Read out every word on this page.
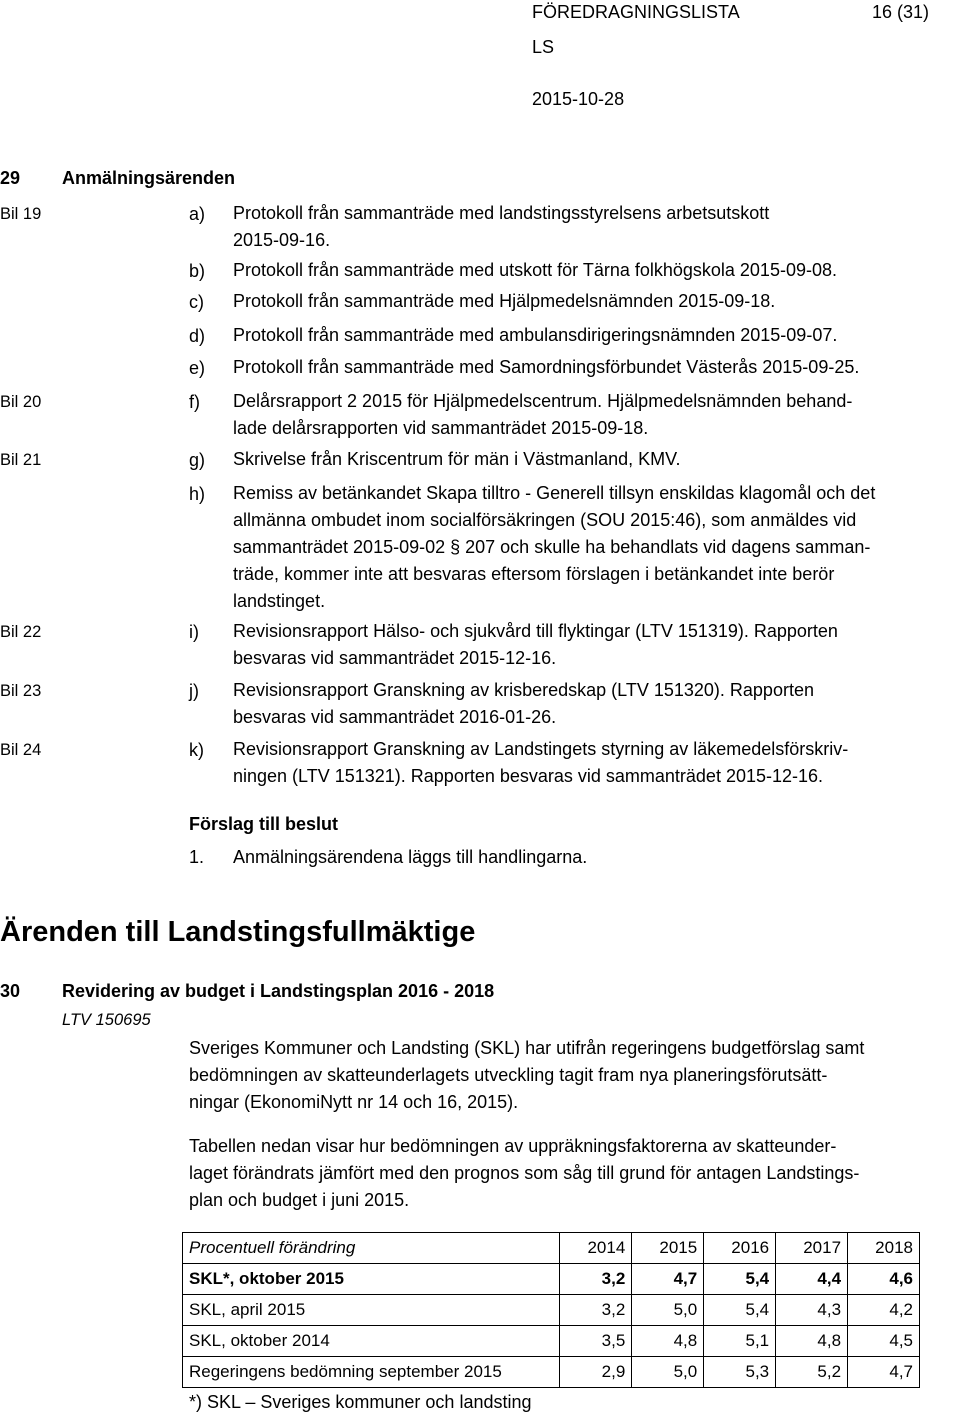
FÖREDRAGNINGSLISTA	16 (31)
LS
2015-10-28
29 Anmälningsärenden
Bil 19	a) Protokoll från sammanträde med landstingsstyrelsens arbetsutskott
2015-09-16.
b) Protokoll från sammanträde med utskott för Tärna folkhögskola 2015-09-08.
c) Protokoll från sammanträde med Hjälpmedelsnämnden 2015-09-18.
d) Protokoll från sammanträde med ambulansdirigeringsnämnden 2015-09-07.
e) Protokoll från sammanträde med Samordningsförbundet Västerås 2015-09-25.
Bil 20	f) Delårsrapport 2 2015 för Hjälpmedelscentrum. Hjälpmedelsnämnden behand-
lade delårsrapporten vid sammanträdet 2015-09-18.
Bil 21	g) Skrivelse från Kriscentrum för män i Västmanland, KMV.
h) Remiss av betänkandet Skapa tilltro - Generell tillsyn enskildas klagomål och det
allmänna ombudet inom socialförsäkringen (SOU 2015:46), som anmäldes vid
sammanträdet 2015-09-02 § 207 och skulle ha behandlats vid dagens samman-
träde, kommer inte att besvaras eftersom förslagen i betänkandet inte berör
landstinget.
Bil 22	i) Revisionsrapport Hälso- och sjukvård till flyktingar (LTV 151319). Rapporten
besvaras vid sammanträdet 2015-12-16.
Bil 23	j) Revisionsrapport Granskning av krisberedskap (LTV 151320). Rapporten
besvaras vid sammanträdet 2016-01-26.
Bil 24	k) Revisionsrapport Granskning av Landstingets styrning av läkemedelsförskriv-
ningen (LTV 151321). Rapporten besvaras vid sammanträdet 2015-12-16.
Förslag till beslut
1. Anmälningsärendena läggs till handlingarna.
Ärenden till Landstingsfullmäktige
30 Revidering av budget i Landstingsplan 2016 - 2018
LTV 150695
Sveriges Kommuner och Landsting (SKL) har utifrån regeringens budgetförslag samt
bedömningen av skatteunderlagets utveckling tagit fram nya planeringsförutsätt-
ningar (EkonomiNytt nr 14 och 16, 2015).
Tabellen nedan visar hur bedömningen av uppräkningsfaktorerna av skatteunder-
laget förändrats jämfört med den prognos som såg till grund för antagen Landstings-
plan och budget i juni 2015.
Procentuell förändring	2014	2015	2016	2017	2018
SKL*, oktober 2015	3,2	4,7	5,4	4,4	4,6
SKL, april 2015	3,2	5,0	5,4	4,3	4,2
SKL, oktober 2014	3,5	4,8	5,1	4,8	4,5
Regeringens bedömning september 2015	2,9	5,0	5,3	5,2	4,7
*) SKL – Sveriges kommuner och landsting
